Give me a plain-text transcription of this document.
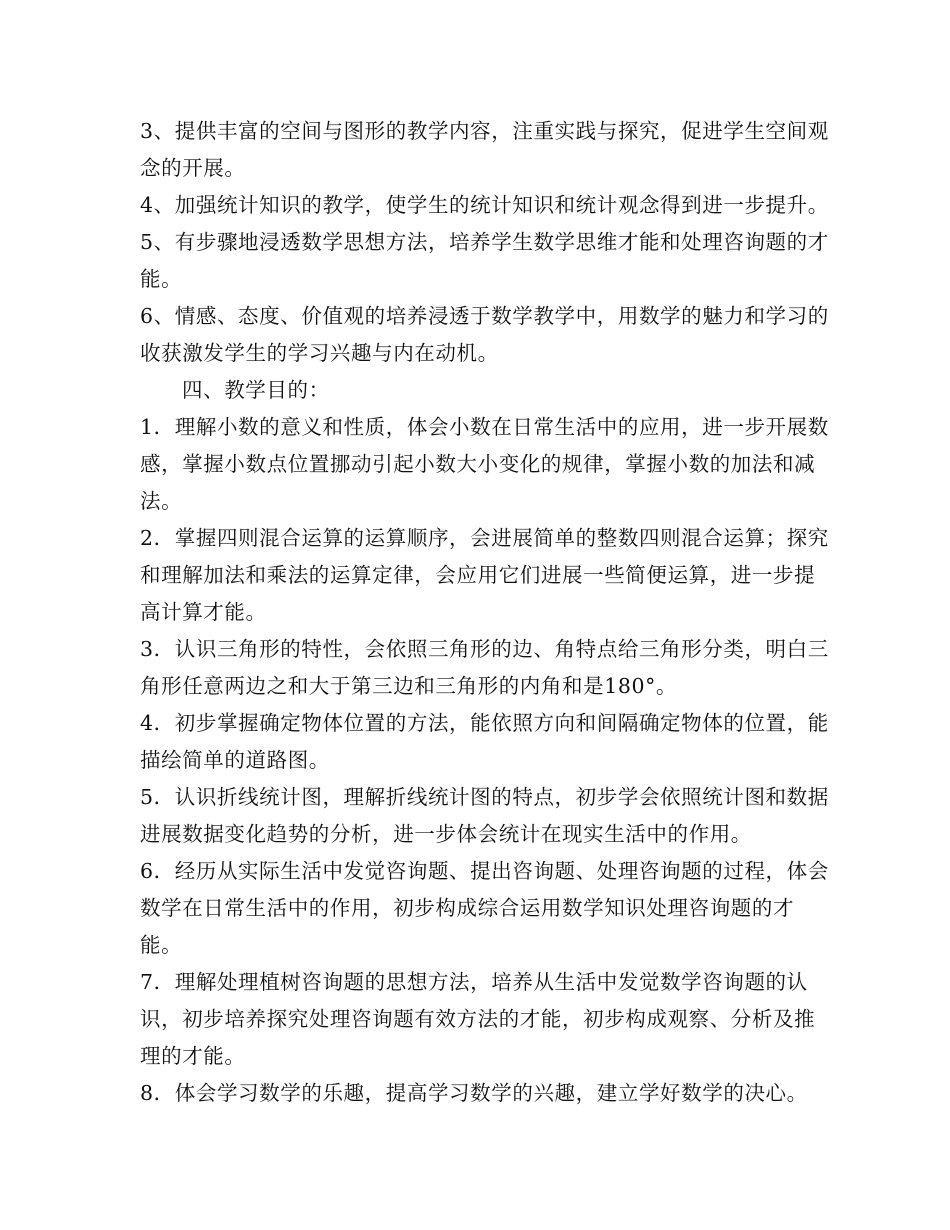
3、提供丰富的空间与图形的教学内容，注重实践与探究，促进学生空间观念的开展。

4、加强统计知识的教学，使学生的统计知识和统计观念得到进一步提升。

5、有步骤地浸透数学思想方法，培养学生数学思维才能和处理咨询题的才能。

6、情感、态度、价值观的培养浸透于数学教学中，用数学的魅力和学习的收获激发学生的学习兴趣与内在动机。

四、教学目的：

1．理解小数的意义和性质，体会小数在日常生活中的应用，进一步开展数感，掌握小数点位置挪动引起小数大小变化的规律，掌握小数的加法和减法。

2．掌握四则混合运算的运算顺序，会进展简单的整数四则混合运算；探究和理解加法和乘法的运算定律，会应用它们进展一些简便运算，进一步提高计算才能。

3．认识三角形的特性，会依照三角形的边、角特点给三角形分类，明白三角形任意两边之和大于第三边和三角形的内角和是180°。

4．初步掌握确定物体位置的方法，能依照方向和间隔确定物体的位置，能描绘简单的道路图。

5．认识折线统计图，理解折线统计图的特点，初步学会依照统计图和数据进展数据变化趋势的分析，进一步体会统计在现实生活中的作用。

6．经历从实际生活中发觉咨询题、提出咨询题、处理咨询题的过程，体会数学在日常生活中的作用，初步构成综合运用数学知识处理咨询题的才能。

7．理解处理植树咨询题的思想方法，培养从生活中发觉数学咨询题的认识，初步培养探究处理咨询题有效方法的才能，初步构成观察、分析及推理的才能。

8．体会学习数学的乐趣，提高学习数学的兴趣，建立学好数学的决心。
